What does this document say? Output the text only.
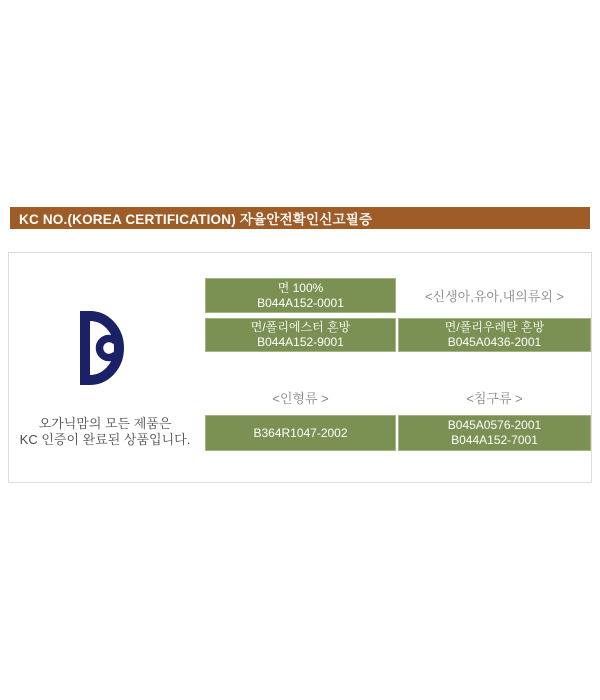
KC NO.(KOREA CERTIFICATION) 자율안전확인신고필증
오가닉맘의 모든 제품은
KC 인증이 완료된 상품입니다.
면 100%
B044A152-0001	<신생아,유아,내의류외 >
면/폴리에스터 혼방
B044A152-9001
면/폴리우레탄 혼방
B045A0436-2001
<인형류 >	<침구류 >
B364R1047-2002
B045A0576-2001
B044A152-7001
